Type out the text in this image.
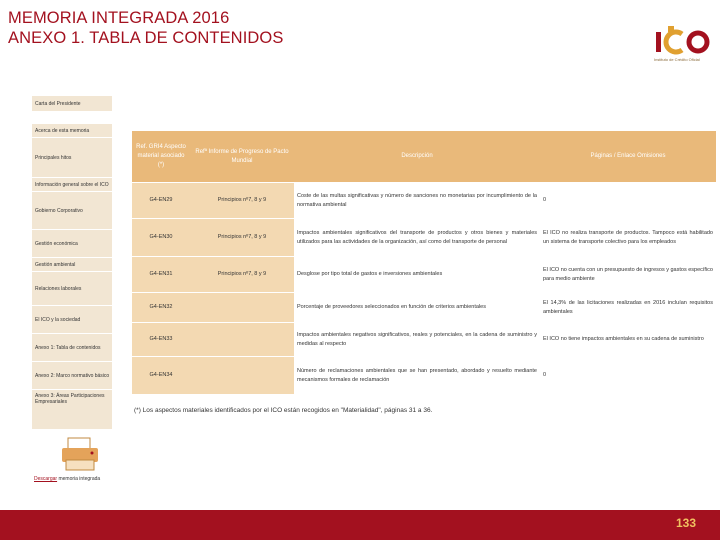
MEMORIA INTEGRADA 2016
ANEXO 1. TABLA DE CONTENIDOS
Instituto de Crédito Oficial
Carta del Presidente
Acerca de esta memoria
Principales hitos
Información general sobre el ICO
Gobierno Corporativo
Gestión económica
Gestión ambiental
Relaciones laborales
El ICO y la sociedad
Anexo 1: Tabla de contenidos
Anexo 2: Marco normativo básico
Anexo 3: Áreas Participaciones Empresariales
Ref. GRI4 Aspecto material asociado (*)	Refª Informe de Progreso de Pacto Mundial	Descripción	Páginas / Enlace Omisiones
G4-EN29	Principios nº7, 8 y 9	Coste de las multas significativas y número de sanciones no monetarias por incumplimiento de la normativa ambiental	0
G4-EN30	Principios nº7, 8 y 9	Impactos ambientales significativos del transporte de productos y otros bienes y materiales utilizados para las actividades de la organización, así como del transporte de personal	El ICO no realiza transporte de productos. Tampoco está habilitado un sistema de transporte colectivo para los empleados
G4-EN31	Principios nº7, 8 y 9	Desglose por tipo total de gastos e inversiones ambientales	El ICO no cuenta con un presupuesto de ingresos y gastos específico para medio ambiente
G4-EN32		Porcentaje de proveedores seleccionados en función de criterios ambientales	El 14,3% de las licitaciones realizadas en 2016 incluían requisitos ambientales
G4-EN33		Impactos ambientales negativos significativos, reales y potenciales, en la cadena de suministro y medidas al respecto	El ICO no tiene impactos ambientales en su cadena de suministro
G4-EN34		Número de reclamaciones ambientales que se han presentado, abordado y resuelto mediante mecanismos formales de reclamación	0
(*) Los aspectos materiales identificados por el ICO están recogidos en "Materialidad", páginas 31 a 36.
Descargar memoria integrada
133
